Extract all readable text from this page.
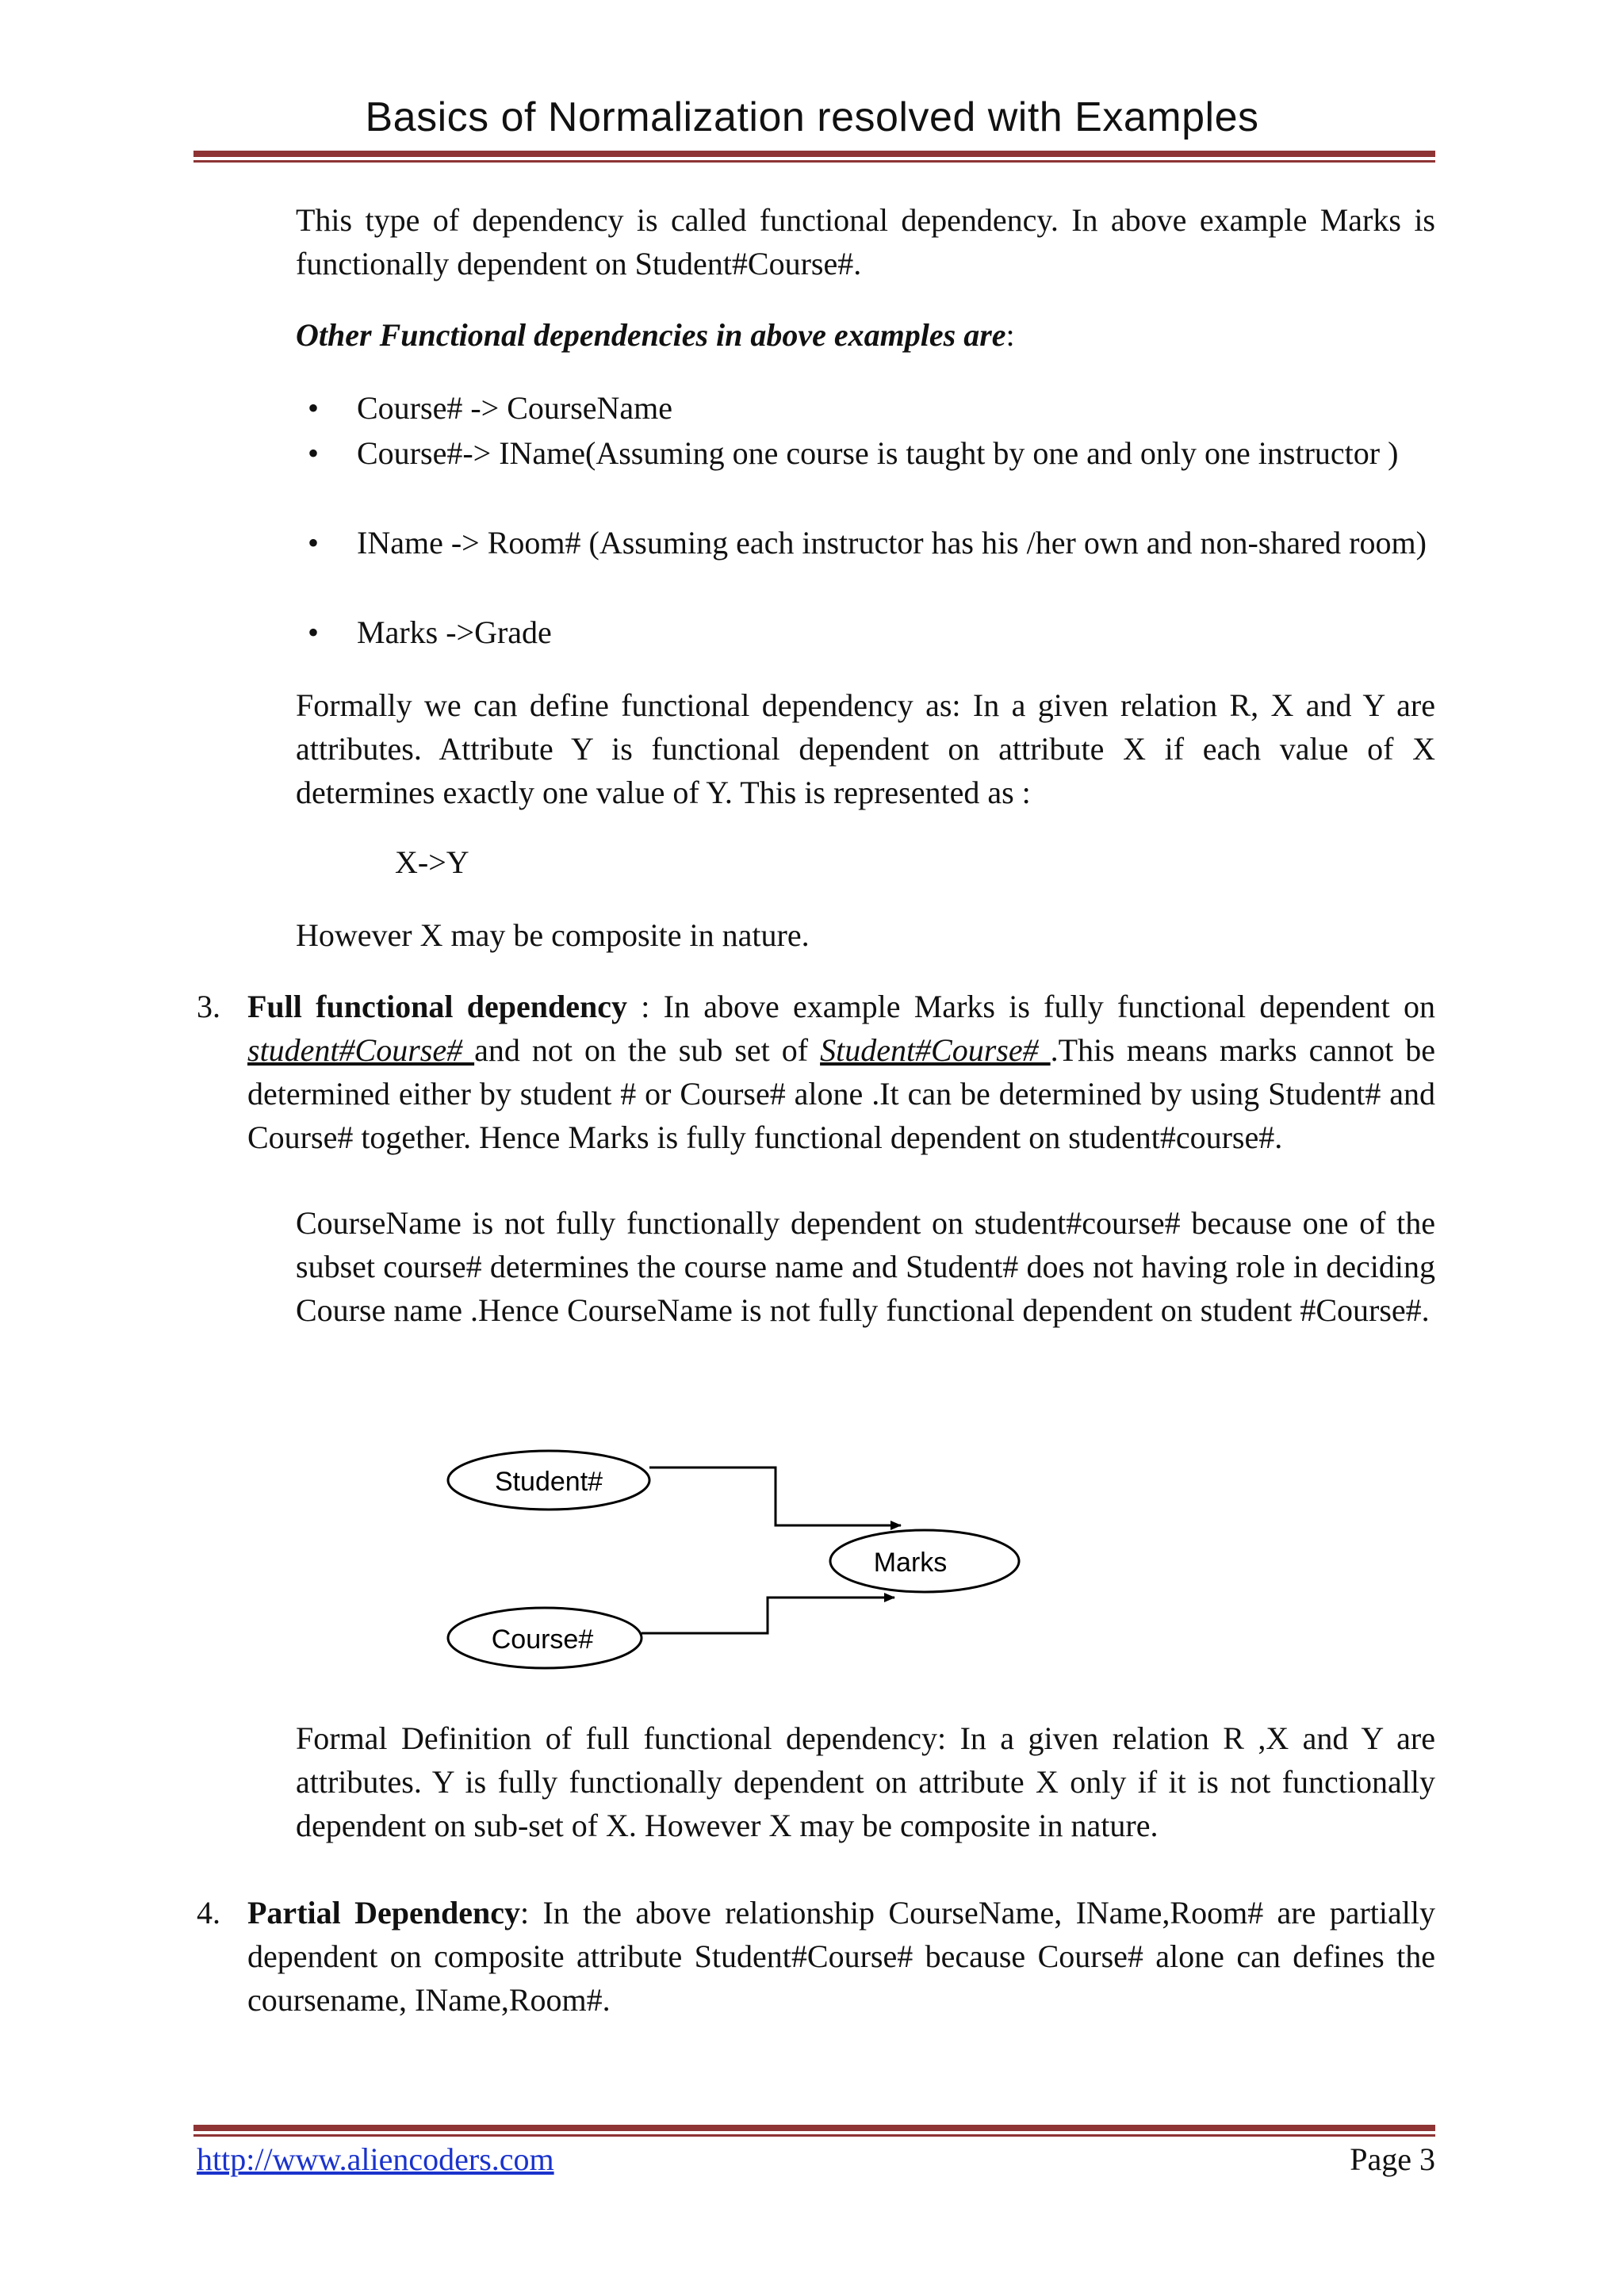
Basics of Normalization resolved with Examples
This type of dependency is called functional dependency. In above example Marks is functionally dependent on Student#Course#.
Other Functional dependencies in above examples are:
• Course# -> CourseName
• Course#-> IName(Assuming one course is taught by one and only one instructor )
• IName -> Room# (Assuming each instructor has his /her own and non-shared room)
• Marks ->Grade
Formally we can define functional dependency as: In a given relation R, X and Y are attributes. Attribute Y is functional dependent on attribute X if each value of X determines exactly one value of Y. This is represented as :
X->Y
However X may be composite in nature.
3. Full functional dependency : In above example Marks is fully functional dependent on student#Course# and not on the sub set of Student#Course# .This means marks cannot be determined either by student # or Course# alone .It can be determined by using Student# and Course# together. Hence Marks is fully functional dependent on student#course#.
CourseName is not fully functionally dependent on student#course# because one of the subset course# determines the course name and Student# does not having role in deciding Course name .Hence CourseName is not fully functional dependent on student #Course#.
Student#
Marks
Course#
Formal Definition of full functional dependency: In a given relation R ,X and Y are attributes. Y is fully functionally dependent on attribute X only if it is not functionally dependent on sub-set of X. However X may be composite in nature.
4. Partial Dependency: In the above relationship CourseName, IName,Room# are partially dependent on composite attribute Student#Course# because Course# alone can defines the coursename, IName,Room#.
http://www.aliencoders.com	Page 3
